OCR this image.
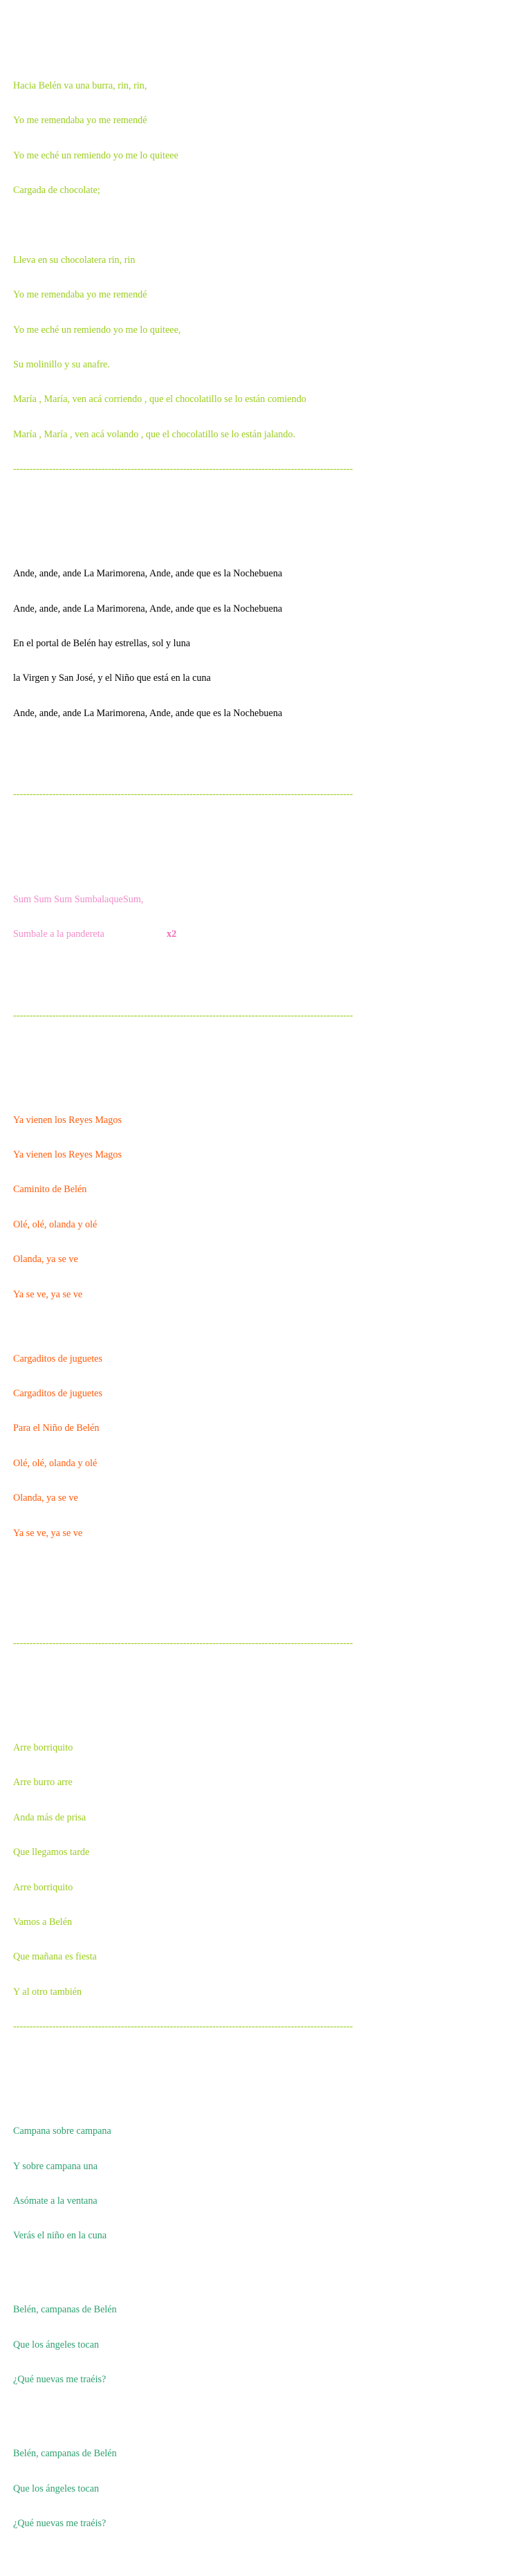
Hacia Belén va una burra, rin, rin,

Yo me remendaba yo me remendé

Yo me eché un remiendo yo me lo quiteee

Cargada de chocolate;

Lleva en su chocolatera rin, rin

Yo me remendaba yo me remendé

Yo me eché un remiendo yo me lo quiteee,

Su molinillo y su anafre.

María , María, ven acá corriendo , que el chocolatillo se lo están comiendo

María , María , ven acá volando , que el chocolatillo se lo están jalando.

--------------------------------------------------------------------------------------------------------

Ande, ande, ande La Marimorena, Ande, ande que es la Nochebuena

Ande, ande, ande La Marimorena, Ande, ande que es la Nochebuena

En el portal de Belén hay estrellas, sol y luna

la Virgen y San José, y el Niño que está en la cuna

Ande, ande, ande La Marimorena, Ande, ande que es la Nochebuena

--------------------------------------------------------------------------------------------------------

Sum Sum Sum SumbalaqueSum,

Sumbale a la pandereta	x2

--------------------------------------------------------------------------------------------------------

Ya vienen los Reyes Magos

Ya vienen los Reyes Magos

Caminito de Belén

Olé, olé, olanda y olé

Olanda, ya se ve

Ya se ve, ya se ve

Cargaditos de juguetes

Cargaditos de juguetes

Para el Niño de Belén

Olé, olé, olanda y olé

Olanda, ya se ve

Ya se ve, ya se ve

--------------------------------------------------------------------------------------------------------

Arre borriquito

Arre burro arre

Anda más de prisa

Que llegamos tarde

Arre borriquito

Vamos a Belén

Que mañana es fiesta

Y al otro también

--------------------------------------------------------------------------------------------------------

Campana sobre campana

Y sobre campana una

Asómate a la ventana

Verás el niño en la cuna

Belén, campanas de Belén

Que los ángeles tocan

¿Qué nuevas me traéis?

Belén, campanas de Belén

Que los ángeles tocan

¿Qué nuevas me traéis?
